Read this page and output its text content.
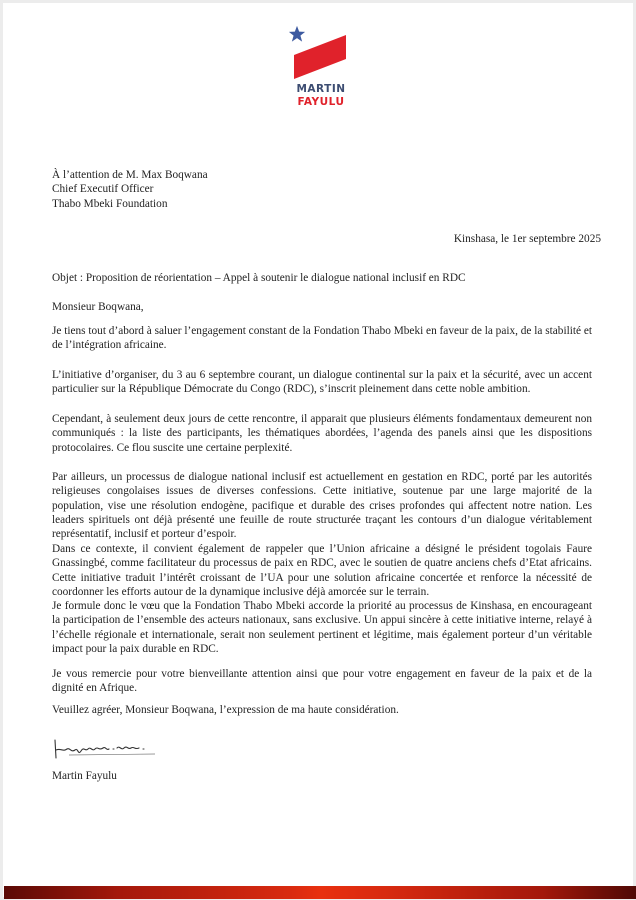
MARTIN
FAYULU
À l’attention de M. Max Boqwana
Chief Executif Officer
Thabo Mbeki Foundation
Kinshasa, le 1er septembre 2025
Objet : Proposition de réorientation – Appel à soutenir le dialogue national inclusif en RDC
Monsieur Boqwana,
Je tiens tout d’abord à saluer l’engagement constant de la Fondation Thabo Mbeki en faveur de la paix, de la stabilité et de l’intégration africaine.
L’initiative d’organiser, du 3 au 6 septembre courant, un dialogue continental sur la paix et la sécurité, avec un accent particulier sur la République Démocrate du Congo (RDC), s’inscrit pleinement dans cette noble ambition.
Cependant, à seulement deux jours de cette rencontre, il apparait que plusieurs éléments fondamentaux demeurent non communiqués : la liste des participants, les thématiques abordées, l’agenda des panels ainsi que les dispositions protocolaires. Ce flou suscite une certaine perplexité.
Par ailleurs, un processus de dialogue national inclusif est actuellement en gestation en RDC, porté par les autorités religieuses congolaises issues de diverses confessions. Cette initiative, soutenue par une large majorité de la population, vise une résolution endogène, pacifique et durable des crises profondes qui affectent notre nation. Les leaders spirituels ont déjà présenté une feuille de route structurée traçant les contours d’un dialogue véritablement représentatif, inclusif et porteur d’espoir.
Dans ce contexte, il convient également de rappeler que l’Union africaine a désigné le président togolais Faure Gnassingbé, comme facilitateur du processus de paix en RDC, avec le soutien de quatre anciens chefs d’Etat africains. Cette initiative traduit l’intérêt croissant de l’UA pour une solution africaine concertée et renforce la nécessité de coordonner les efforts autour de la dynamique inclusive déjà amorcée sur le terrain.
Je formule donc le vœu que la Fondation Thabo Mbeki accorde la priorité au processus de Kinshasa, en encourageant la participation de l’ensemble des acteurs nationaux, sans exclusive. Un appui sincère à cette initiative interne, relayé à l’échelle régionale et internationale, serait non seulement pertinent et légitime, mais également porteur d’un véritable impact pour la paix durable en RDC.
Je vous remercie pour votre bienveillante attention ainsi que pour votre engagement en faveur de la paix et de la dignité en Afrique.
Veuillez agréer, Monsieur Boqwana, l’expression de ma haute considération.
Martin Fayulu
